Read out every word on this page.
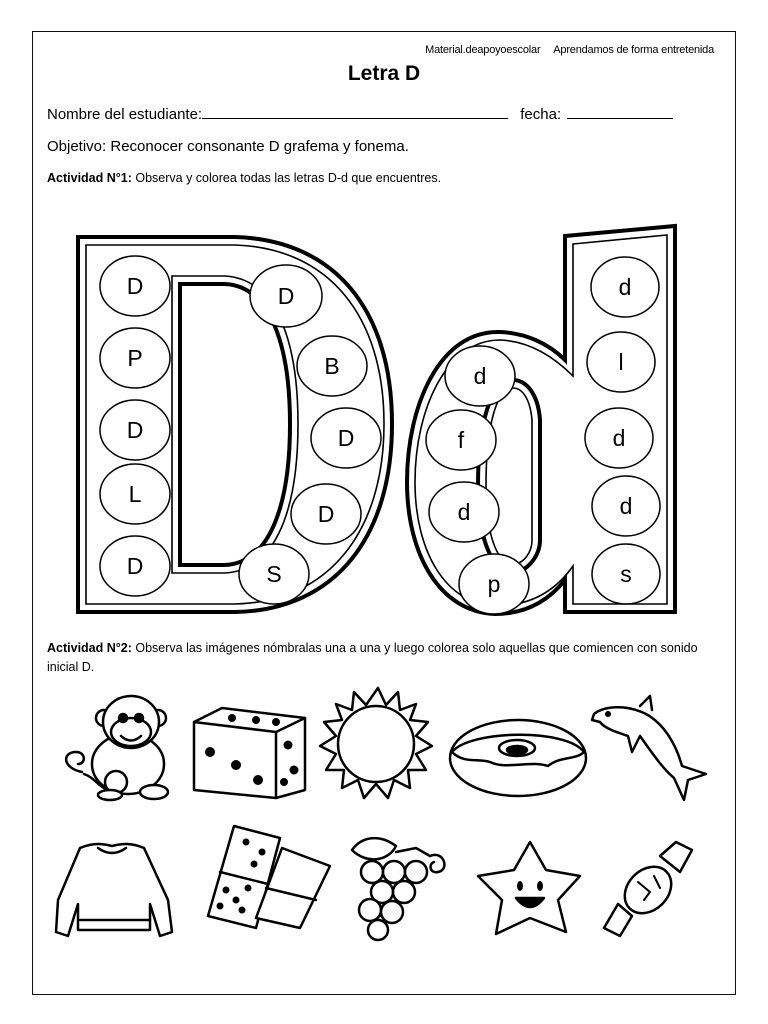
Material.deapoyoescolar Aprendamos de forma entretenida
Letra D
Nombre del estudiante:	fecha:
Objetivo: Reconocer consonante D grafema y fonema.
Actividad N°1: Observa y colorea todas las letras D-d que encuentres.
D
P
D
L
D
D
B
D
D
S
d
f
d
p
d
l
d
d
s
Actividad N°2: Observa las imágenes nómbralas una a una y luego colorea solo aquellas que comiencen con sonido inicial D.
